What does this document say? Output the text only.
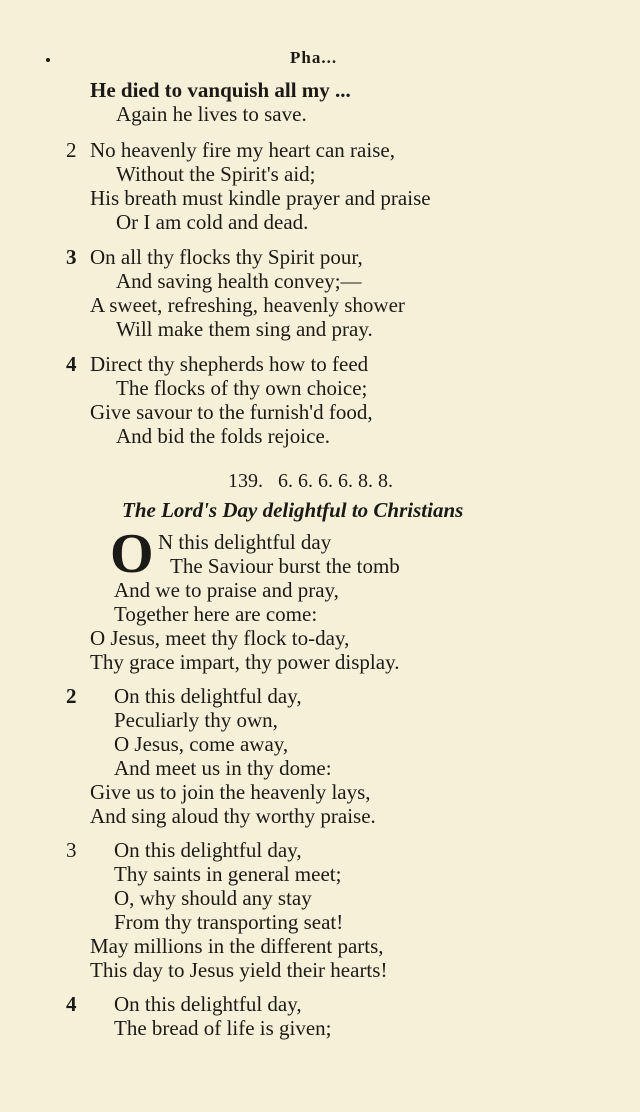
Pha...
He died to vanquish all my ...
Again he lives to save.
2 No heavenly fire my heart can raise,
Without the Spirit's aid;
His breath must kindle prayer and praise
Or I am cold and dead.
3 On all thy flocks thy Spirit pour,
And saving health convey;—
A sweet, refreshing, heavenly shower
Will make them sing and pray.
4 Direct thy shepherds how to feed
The flocks of thy own choice;
Give savour to the furnish'd food,
And bid the folds rejoice.
139. 6. 6. 6. 6. 8. 8.
The Lord's Day delightful to Christians
O N this delightful day
The Saviour burst the tomb
And we to praise and pray,
Together here are come:
O Jesus, meet thy flock to-day,
Thy grace impart, thy power display.
2 On this delightful day,
Peculiarly thy own,
O Jesus, come away,
And meet us in thy dome:
Give us to join the heavenly lays,
And sing aloud thy worthy praise.
3 On this delightful day,
Thy saints in general meet;
O, why should any stay
From thy transporting seat!
May millions in the different parts,
This day to Jesus yield their hearts!
4 On this delightful day,
The bread of life is given;
